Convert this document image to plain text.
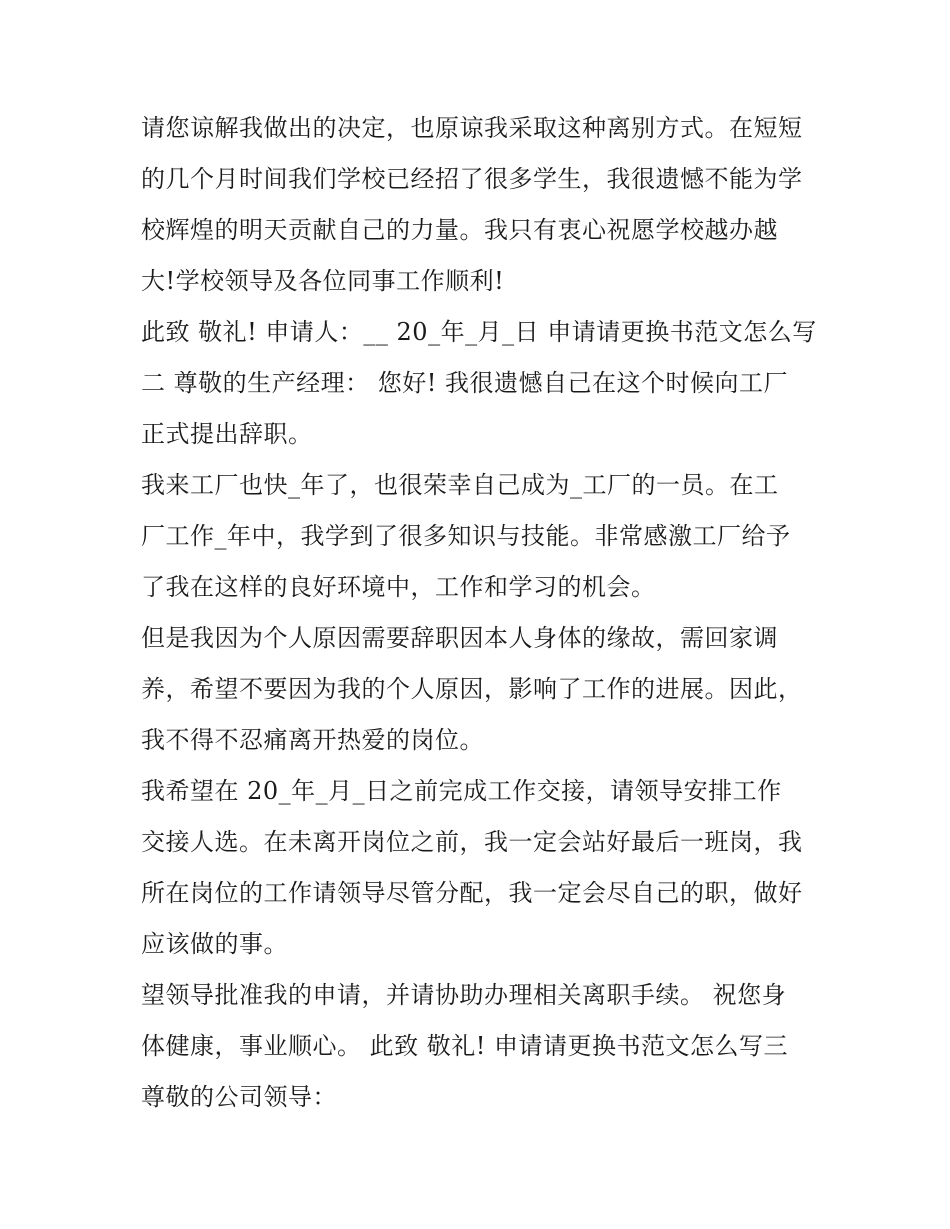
请您谅解我做出的决定，也原谅我采取这种离别方式。在短短
的几个月时间我们学校已经招了很多学生，我很遗憾不能为学
校辉煌的明天贡献自己的力量。我只有衷心祝愿学校越办越
大!学校领导及各位同事工作顺利!
此致 敬礼! 申请人：__ 20_年_月_日 申请请更换书范文怎么写
二 尊敬的生产经理： 您好! 我很遗憾自己在这个时候向工厂
正式提出辞职。
我来工厂也快_年了，也很荣幸自己成为_工厂的一员。在工
厂工作_年中，我学到了很多知识与技能。非常感激工厂给予
了我在这样的良好环境中，工作和学习的机会。
但是我因为个人原因需要辞职因本人身体的缘故，需回家调
养，希望不要因为我的个人原因，影响了工作的进展。因此，
我不得不忍痛离开热爱的岗位。
我希望在 20_年_月_日之前完成工作交接，请领导安排工作
交接人选。在未离开岗位之前，我一定会站好最后一班岗，我
所在岗位的工作请领导尽管分配，我一定会尽自己的职，做好
应该做的事。
望领导批准我的申请，并请协助办理相关离职手续。 祝您身
体健康，事业顺心。 此致 敬礼! 申请请更换书范文怎么写三
尊敬的公司领导：
